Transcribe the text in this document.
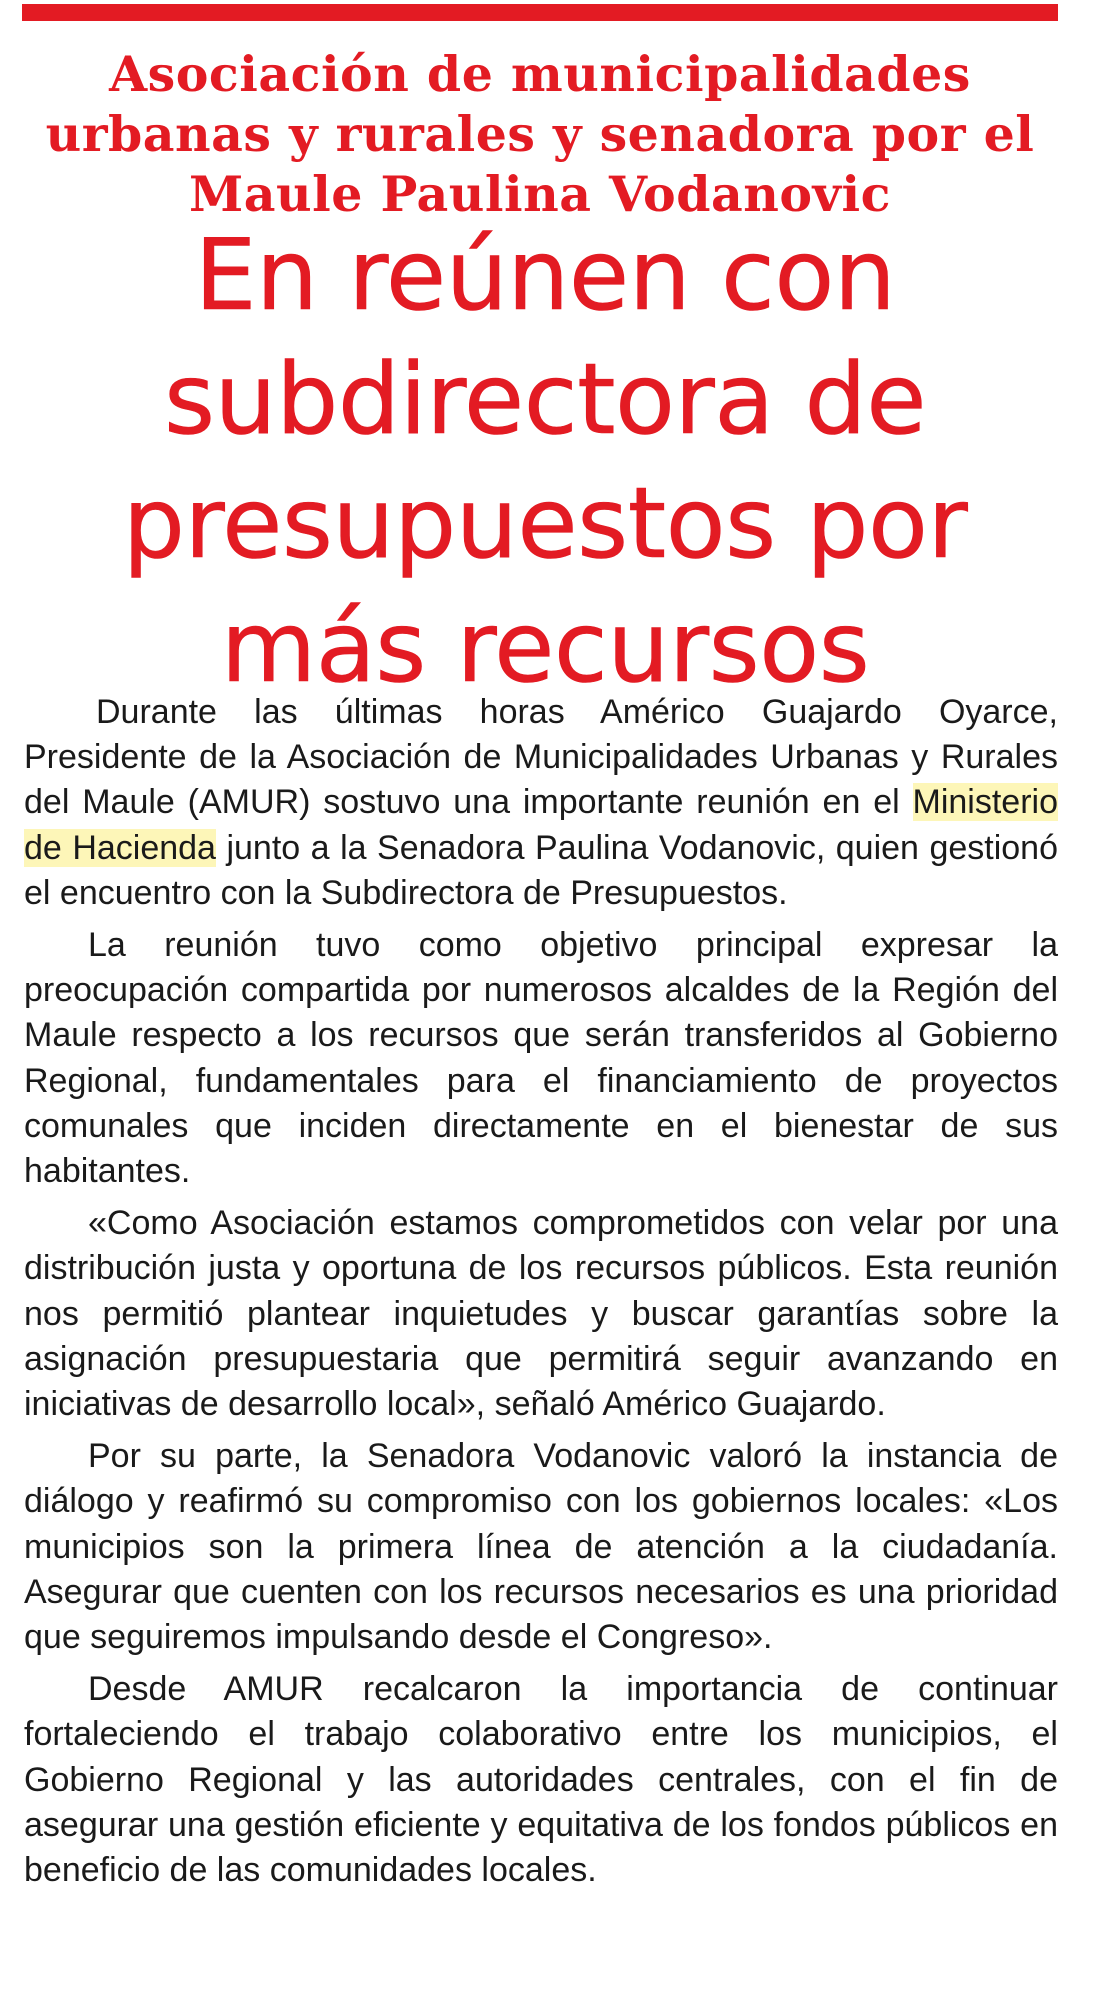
Asociación de municipalidades urbanas y rurales y senadora por el Maule Paulina Vodanovic
En reúnen con subdirectora de presupuestos por más recursos

Durante las últimas horas Américo Guajardo Oyarce, Presidente de la Asociación de Municipalidades Urbanas y Rurales del Maule (AMUR) sostuvo una importante reunión en el Ministerio de Hacienda junto a la Senadora Paulina Vodanovic, quien gestionó el encuentro con la Subdirectora de Presupuestos.

La reunión tuvo como objetivo principal expresar la preocupación compartida por numerosos alcaldes de la Región del Maule respecto a los recursos que serán transferidos al Gobierno Regional, fundamentales para el financiamiento de proyectos comunales que inciden directamente en el bienestar de sus habitantes.

«Como Asociación estamos comprometidos con velar por una distribución justa y oportuna de los recursos públicos. Esta reunión nos permitió plantear inquietudes y buscar garantías sobre la asignación presupuestaria que permitirá seguir avanzando en iniciativas de desarrollo local», señaló Américo Guajardo.

Por su parte, la Senadora Vodanovic valoró la instancia de diálogo y reafirmó su compromiso con los gobiernos locales: «Los municipios son la primera línea de atención a la ciudadanía. Asegurar que cuenten con los recursos necesarios es una prioridad que seguiremos impulsando desde el Congreso».

Desde AMUR recalcaron la importancia de continuar fortaleciendo el trabajo colaborativo entre los municipios, el Gobierno Regional y las autoridades centrales, con el fin de asegurar una gestión eficiente y equitativa de los fondos públicos en beneficio de las comunidades locales.
